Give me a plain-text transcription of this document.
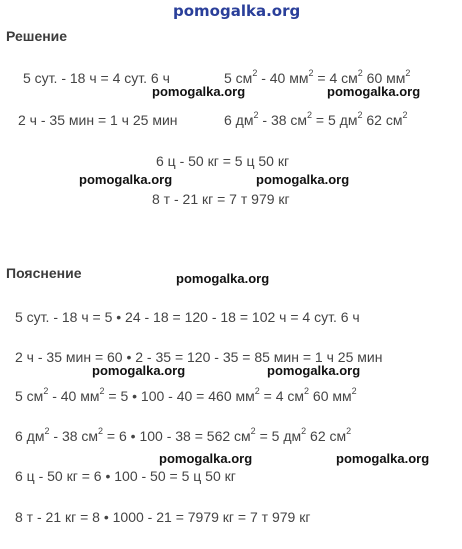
pomogalka.org
Решение
5 сут. - 18 ч = 4 сут. 6 ч	5 $см^2 - 40$ $мм^2 = 4$ $см^2$ 60 $мм^2$
pomogalka.org	pomogalka.org
2 ч - 35 мин = 1 ч 25 мин	6 $дм^2 - 38$ $см^2 = 5$ $дм^2$ 62 $см^2$
6 ц - 50 кг = 5 ц 50 кг
pomogalka.org	pomogalka.org
8 т - 21 кг = 7 т 979 кг
Пояснение	pomogalka.org
5 сут. - 18 ч = 5 • 24 - 18 = 120 - 18 = 102 ч = 4 сут. 6 ч
2 ч - 35 мин = 60 • 2 - 35 = 120 - 35 = 85 мин = 1 ч 25 мин
pomogalka.org	pomogalka.org
5 $см^2 - 40$ $мм^2 = 5$ • 100 - 40 = 460 $мм^2 = 4$ $см^2$ 60 $мм^2$
6 $дм^2 - 38$ $см^2 = 6$ • 100 - 38 = 562 $см^2 = 5$ $дм^2$ 62 $см^2$
pomogalka.org	pomogalka.org
6 ц - 50 кг = 6 • 100 - 50 = 5 ц 50 кг
8 т - 21 кг = 8 • 1000 - 21 = 7979 кг = 7 т 979 кг
